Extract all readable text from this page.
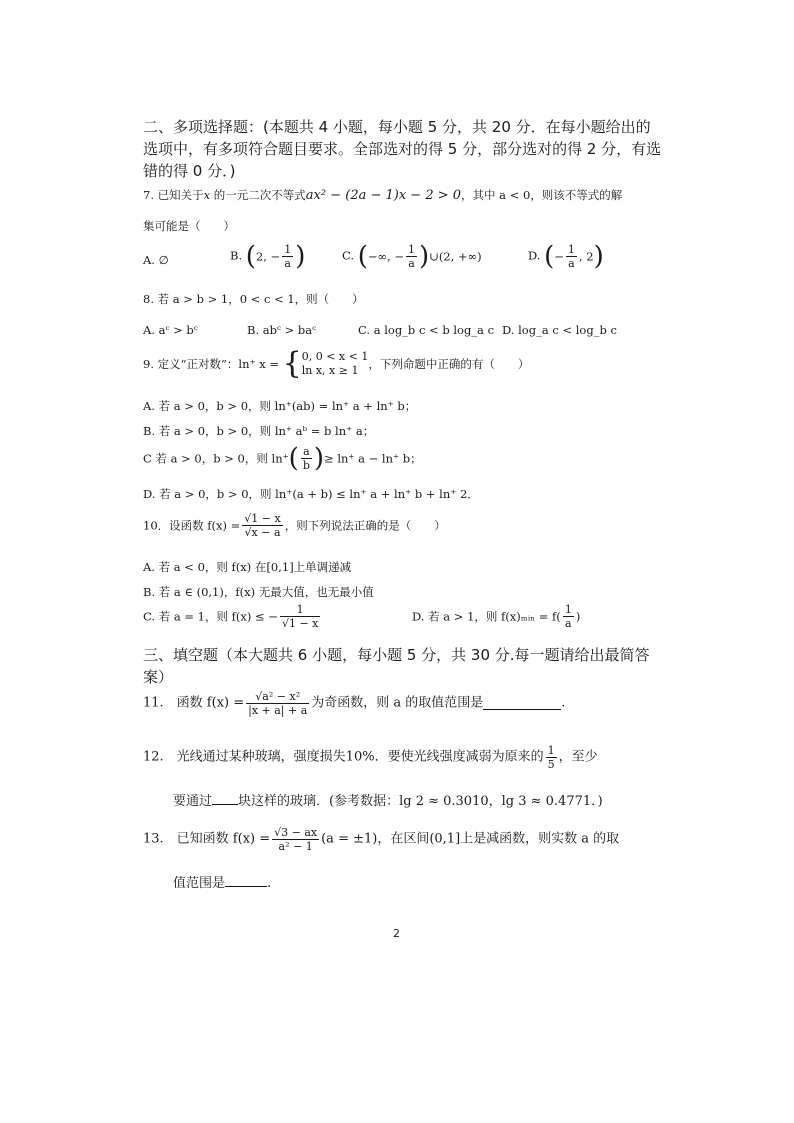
二、多项选择题：(本题共 4 小题，每小题 5 分，共 20 分．在每小题给出的选项中，有多项符合题目要求。全部选对的得 5 分，部分选对的得 2 分，有选错的得 0 分．)
7. 已知关于x 的一元二次不等式ax² − (2a − 1)x − 2 > 0，其中 a < 0，则该不等式的解
集可能是（　　）
A. ∅	B. (2, − $\frac{1}{a}$ )	C. (−∞, − $\frac{1}{a}$ )∪(2, +∞)	D. (− $\frac{1}{a}$ , 2)
8. 若 a > b > 1，0 < c < 1，则（　　）
A. aᶜ > bᶜ	B. abᶜ > baᶜ	C. a log_b c < b log_a c D. log_a c < log_b c
9. 定义“正对数”：ln⁺ x = { 0, 0 < x < 1
ln x, x ≥ 1 ，下列命题中正确的有（　　）
A. 若 a > 0，b > 0，则 ln⁺(ab) = ln⁺ a + ln⁺ b；
B. 若 a > 0，b > 0，则 ln⁺ aᵇ = b ln⁺ a；
C 若 a > 0，b > 0，则 $\ln^+( \frac{a}{b}$ )≥ ln⁺ a − ln⁺ b；
D. 若 a > 0，b > 0，则 ln⁺(a + b) ≤ ln⁺ a + ln⁺ b + ln⁺ 2．
10．设函数 $f(x) = \frac{√1 - x}{√x - a}$ ，则下列说法正确的是（　　）
A. 若 a < 0，则 f(x) 在[0,1]上单调递减
B. 若 a ∈ (0,1)，f(x) 无最大值，也无最小值
C. 若 a = 1，则 f(x) ≤ − $\frac{1}{√1 - x}$	D. 若 a > 1，则 f(x)ₘᵢₙ = $f( \frac{1}{a}$ )
三、填空题（本大题共 6 小题，每小题 5 分，共 30 分.每一题请给出最简答案）
11.　函数 $f(x) = \frac{\text{√a² − x²}}{|x + a| + a}$ 为奇函数，则 a 的取值范围是	.
12.　光线通过某种玻璃，强度损失10%．要使光线强度减弱为原来的 $\frac{1}{5}$ ，至少
要通过 块这样的玻璃．(参考数据：lg 2 ≈ 0.3010，lg 3 ≈ 0.4771．)
13.　已知函数 $f(x) = \frac{√3 - ax}{\text{a² − 1}} (a = \pm 1)$，在区间(0,1]上是减函数，则实数 a 的取
值范围是	.
2
